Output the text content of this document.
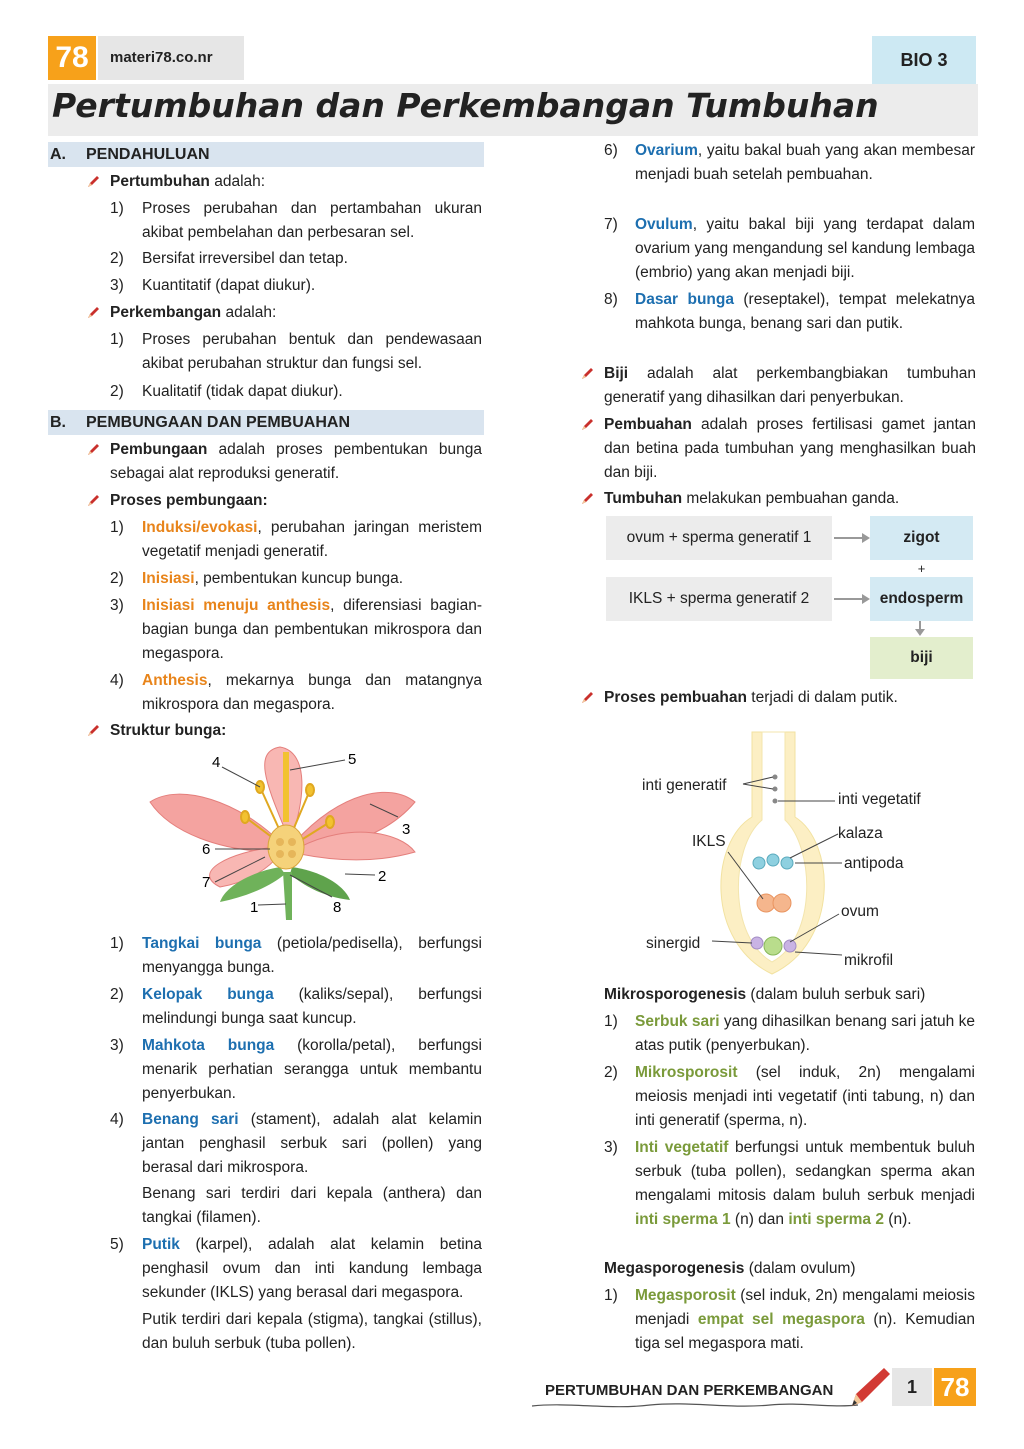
78	materi78.co.nr	BIO 3
Pertumbuhan dan Perkembangan Tumbuhan
A. PENDAHULUAN
Pertumbuhan adalah:
1) Proses perubahan dan pertambahan ukuran akibat pembelahan dan perbesaran sel.
2) Bersifat irreversibel dan tetap.
3) Kuantitatif (dapat diukur).
Perkembangan adalah:
1) Proses perubahan bentuk dan pendewasaan akibat perubahan struktur dan fungsi sel.
2) Kualitatif (tidak dapat diukur).
B. PEMBUNGAAN DAN PEMBUAHAN
Pembungaan adalah proses pembentukan bunga sebagai alat reproduksi generatif.
Proses pembungaan:
1) Induksi/evokasi, perubahan jaringan meristem vegetatif menjadi generatif.
2) Inisiasi, pembentukan kuncup bunga.
3) Inisiasi menuju anthesis, diferensiasi bagian-bagian bunga dan pembentukan mikrospora dan megaspora.
4) Anthesis, mekarnya bunga dan matangnya mikrospora dan megaspora.
Struktur bunga:
1
2
3
4	5
6
7
8
1) Tangkai bunga (petiola/pedisella), berfungsi menyangga bunga.
2) Kelopak bunga (kaliks/sepal), berfungsi melindungi bunga saat kuncup.
3) Mahkota bunga (korolla/petal), berfungsi menarik perhatian serangga untuk membantu penyerbukan.
4) Benang sari (stament), adalah alat kelamin jantan penghasil serbuk sari (pollen) yang berasal dari mikrospora.
Benang sari terdiri dari kepala (anthera) dan tangkai (filamen).
5) Putik (karpel), adalah alat kelamin betina penghasil ovum dan inti kandung lembaga sekunder (IKLS) yang berasal dari megaspora.
Putik terdiri dari kepala (stigma), tangkai (stillus), dan buluh serbuk (tuba pollen).
6) Ovarium, yaitu bakal buah yang akan membesar menjadi buah setelah pembuahan.
7) Ovulum, yaitu bakal biji yang terdapat dalam ovarium yang mengandung sel kandung lembaga (embrio) yang akan menjadi biji.
8) Dasar bunga (reseptakel), tempat melekatnya mahkota bunga, benang sari dan putik.
Biji adalah alat perkembangbiakan tumbuhan generatif yang dihasilkan dari penyerbukan.
Pembuahan adalah proses fertilisasi gamet jantan dan betina pada tumbuhan yang menghasilkan buah dan biji.
Tumbuhan melakukan pembuahan ganda.
ovum + sperma generatif 1
IKLS + sperma generatif 2
zigot
+
endosperm
biji
Proses pembuahan terjadi di dalam putik.
inti generatif
inti vegetatif
IKLS	kalaza
antipoda
ovum
sinergid
mikrofil
Mikrosporogenesis (dalam buluh serbuk sari)
1) Serbuk sari yang dihasilkan benang sari jatuh ke atas putik (penyerbukan).
2) Mikrosporosit (sel induk, 2n) mengalami meiosis menjadi inti vegetatif (inti tabung, n) dan inti generatif (sperma, n).
3) Inti vegetatif berfungsi untuk membentuk buluh serbuk (tuba pollen), sedangkan sperma akan mengalami mitosis dalam buluh serbuk menjadi inti sperma 1 (n) dan inti sperma 2 (n).
Megasporogenesis (dalam ovulum)
1) Megasporosit (sel induk, 2n) mengalami meiosis menjadi empat sel megaspora (n). Kemudian tiga sel megaspora mati.
PERTUMBUHAN DAN PERKEMBANGAN	1 78
